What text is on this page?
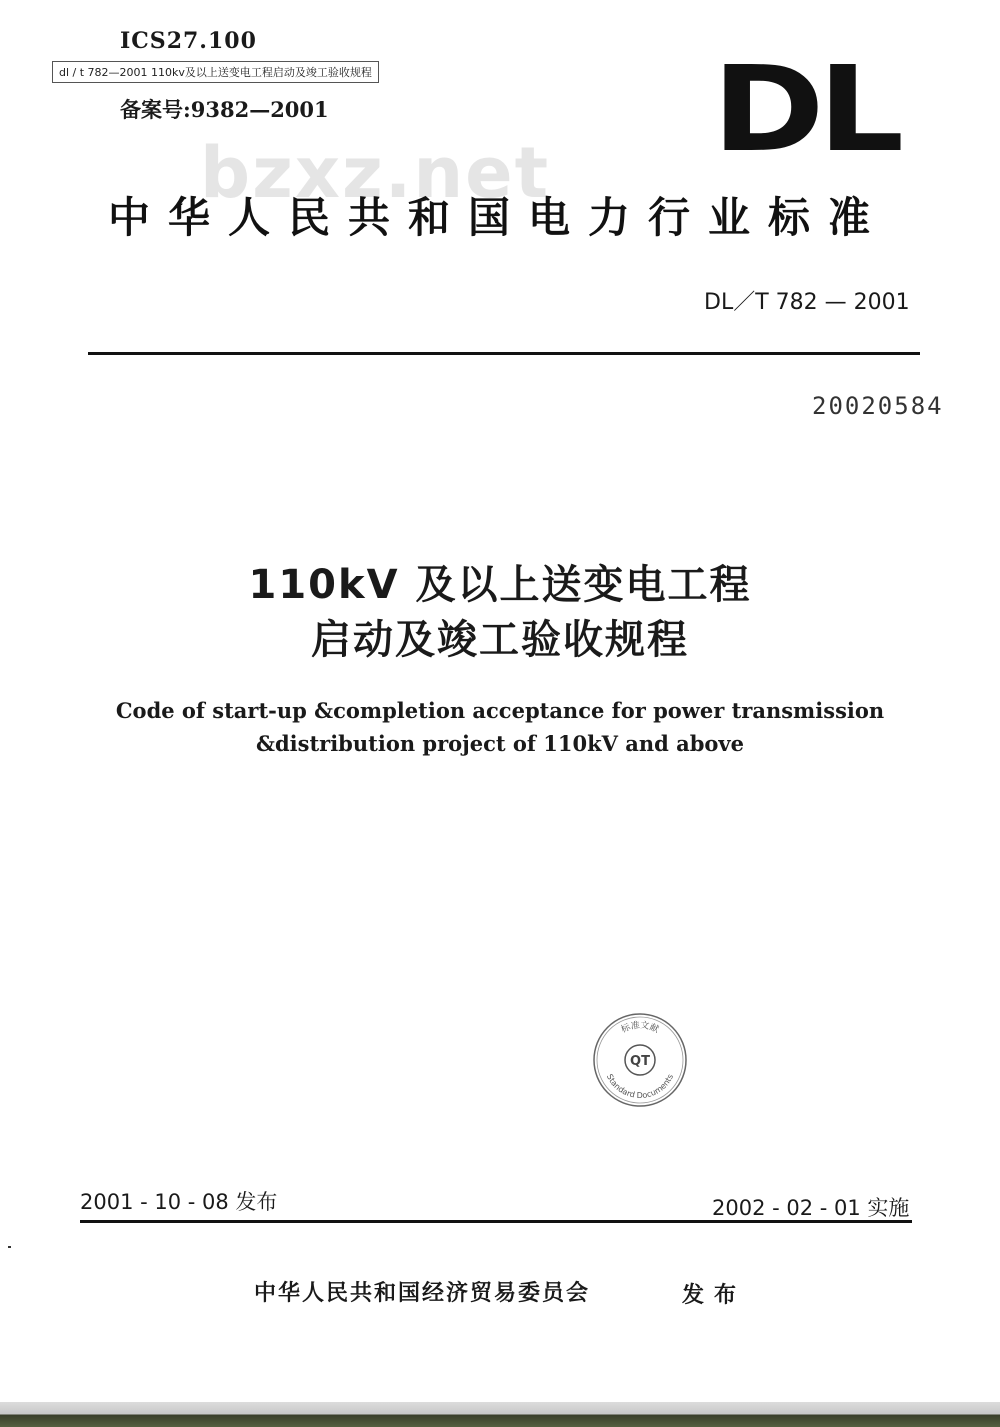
ICS27.100
dl / t 782—2001 110kv及以上送变电工程启动及竣工验收规程
备案号:9382—2001	DL
bzxz.net
中华人民共和国电力行业标准
DL／T 782 — 2001
20020584
110kV 及以上送变电工程
启动及竣工验收规程
Code of start-up &completion acceptance for power transmission
&distribution project of 110kV and above
标准文献
QT
Standard Documents
2001 - 10 - 08 发布	2002 - 02 - 01 实施
中华人民共和国经济贸易委员会	发布
